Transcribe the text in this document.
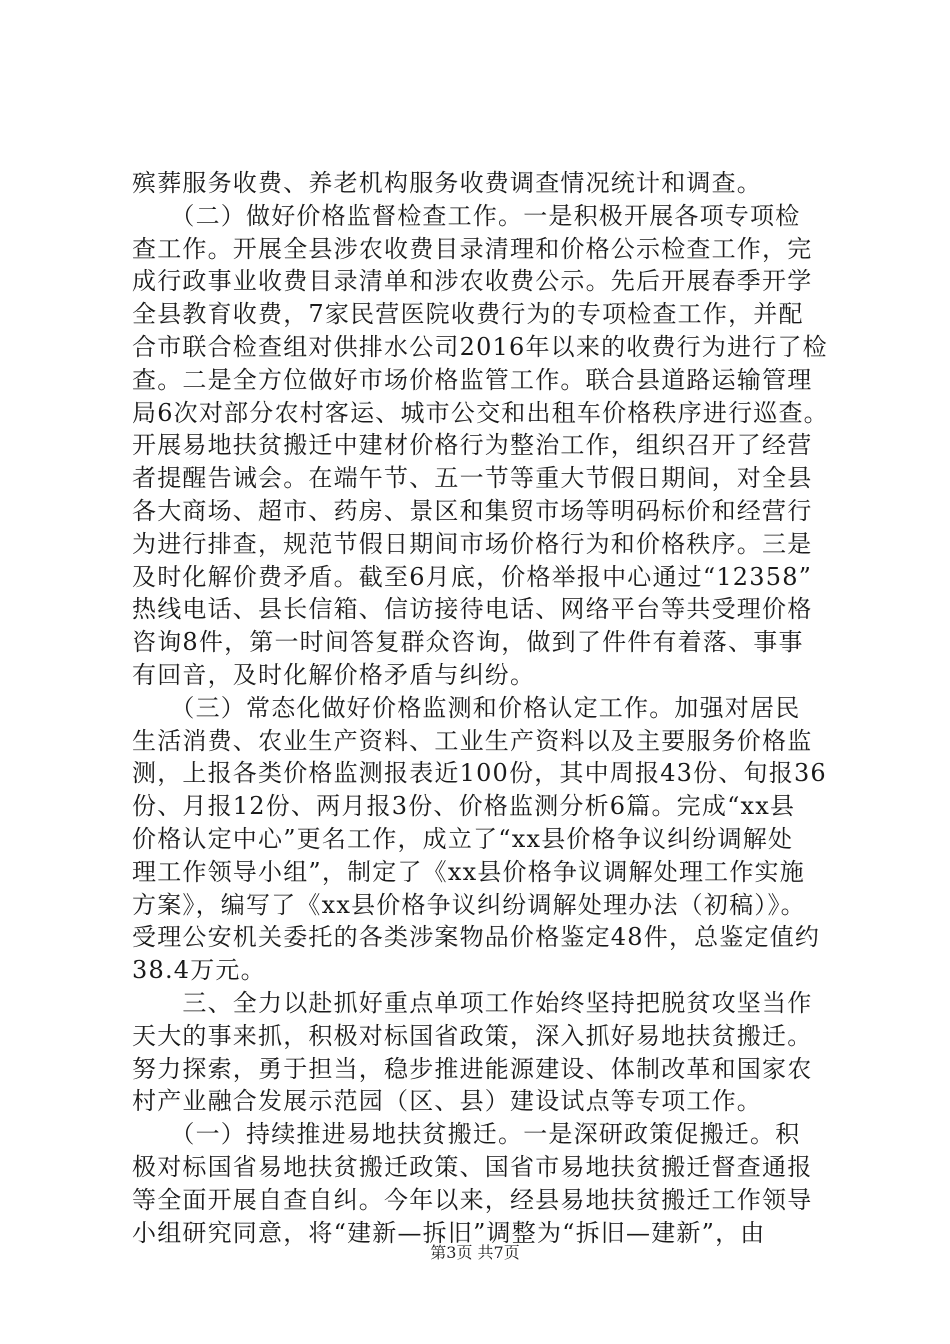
殡葬服务收费、养老机构服务收费调查情况统计和调查。
　　（二）做好价格监督检查工作。一是积极开展各项专项检
查工作。开展全县涉农收费目录清理和价格公示检查工作，完
成行政事业收费目录清单和涉农收费公示。先后开展春季开学
全县教育收费，7家民营医院收费行为的专项检查工作，并配
合市联合检查组对供排水公司2016年以来的收费行为进行了检
查。二是全方位做好市场价格监管工作。联合县道路运输管理
局6次对部分农村客运、城市公交和出租车价格秩序进行巡查。
开展易地扶贫搬迁中建材价格行为整治工作，组织召开了经营
者提醒告诫会。在端午节、五一节等重大节假日期间，对全县
各大商场、超市、药房、景区和集贸市场等明码标价和经营行
为进行排查，规范节假日期间市场价格行为和价格秩序。三是
及时化解价费矛盾。截至6月底，价格举报中心通过“12358”
热线电话、县长信箱、信访接待电话、网络平台等共受理价格
咨询8件，第一时间答复群众咨询，做到了件件有着落、事事
有回音，及时化解价格矛盾与纠纷。
　　（三）常态化做好价格监测和价格认定工作。加强对居民
生活消费、农业生产资料、工业生产资料以及主要服务价格监
测，上报各类价格监测报表近100份，其中周报43份、旬报36
份、月报12份、两月报3份、价格监测分析6篇。完成“xx县
价格认定中心”更名工作，成立了“xx县价格争议纠纷调解处
理工作领导小组”，制定了《xx县价格争议调解处理工作实施
方案》，编写了《xx县价格争议纠纷调解处理办法（初稿）》。
受理公安机关委托的各类涉案物品价格鉴定48件，总鉴定值约
38.4万元。
　　三、全力以赴抓好重点单项工作始终坚持把脱贫攻坚当作
天大的事来抓，积极对标国省政策，深入抓好易地扶贫搬迁。
努力探索，勇于担当，稳步推进能源建设、体制改革和国家农
村产业融合发展示范园（区、县）建设试点等专项工作。
　　（一）持续推进易地扶贫搬迁。一是深研政策促搬迁。积
极对标国省易地扶贫搬迁政策、国省市易地扶贫搬迁督查通报
等全面开展自查自纠。今年以来，经县易地扶贫搬迁工作领导
小组研究同意，将“建新—拆旧”调整为“拆旧—建新”，由
第3页 共7页
